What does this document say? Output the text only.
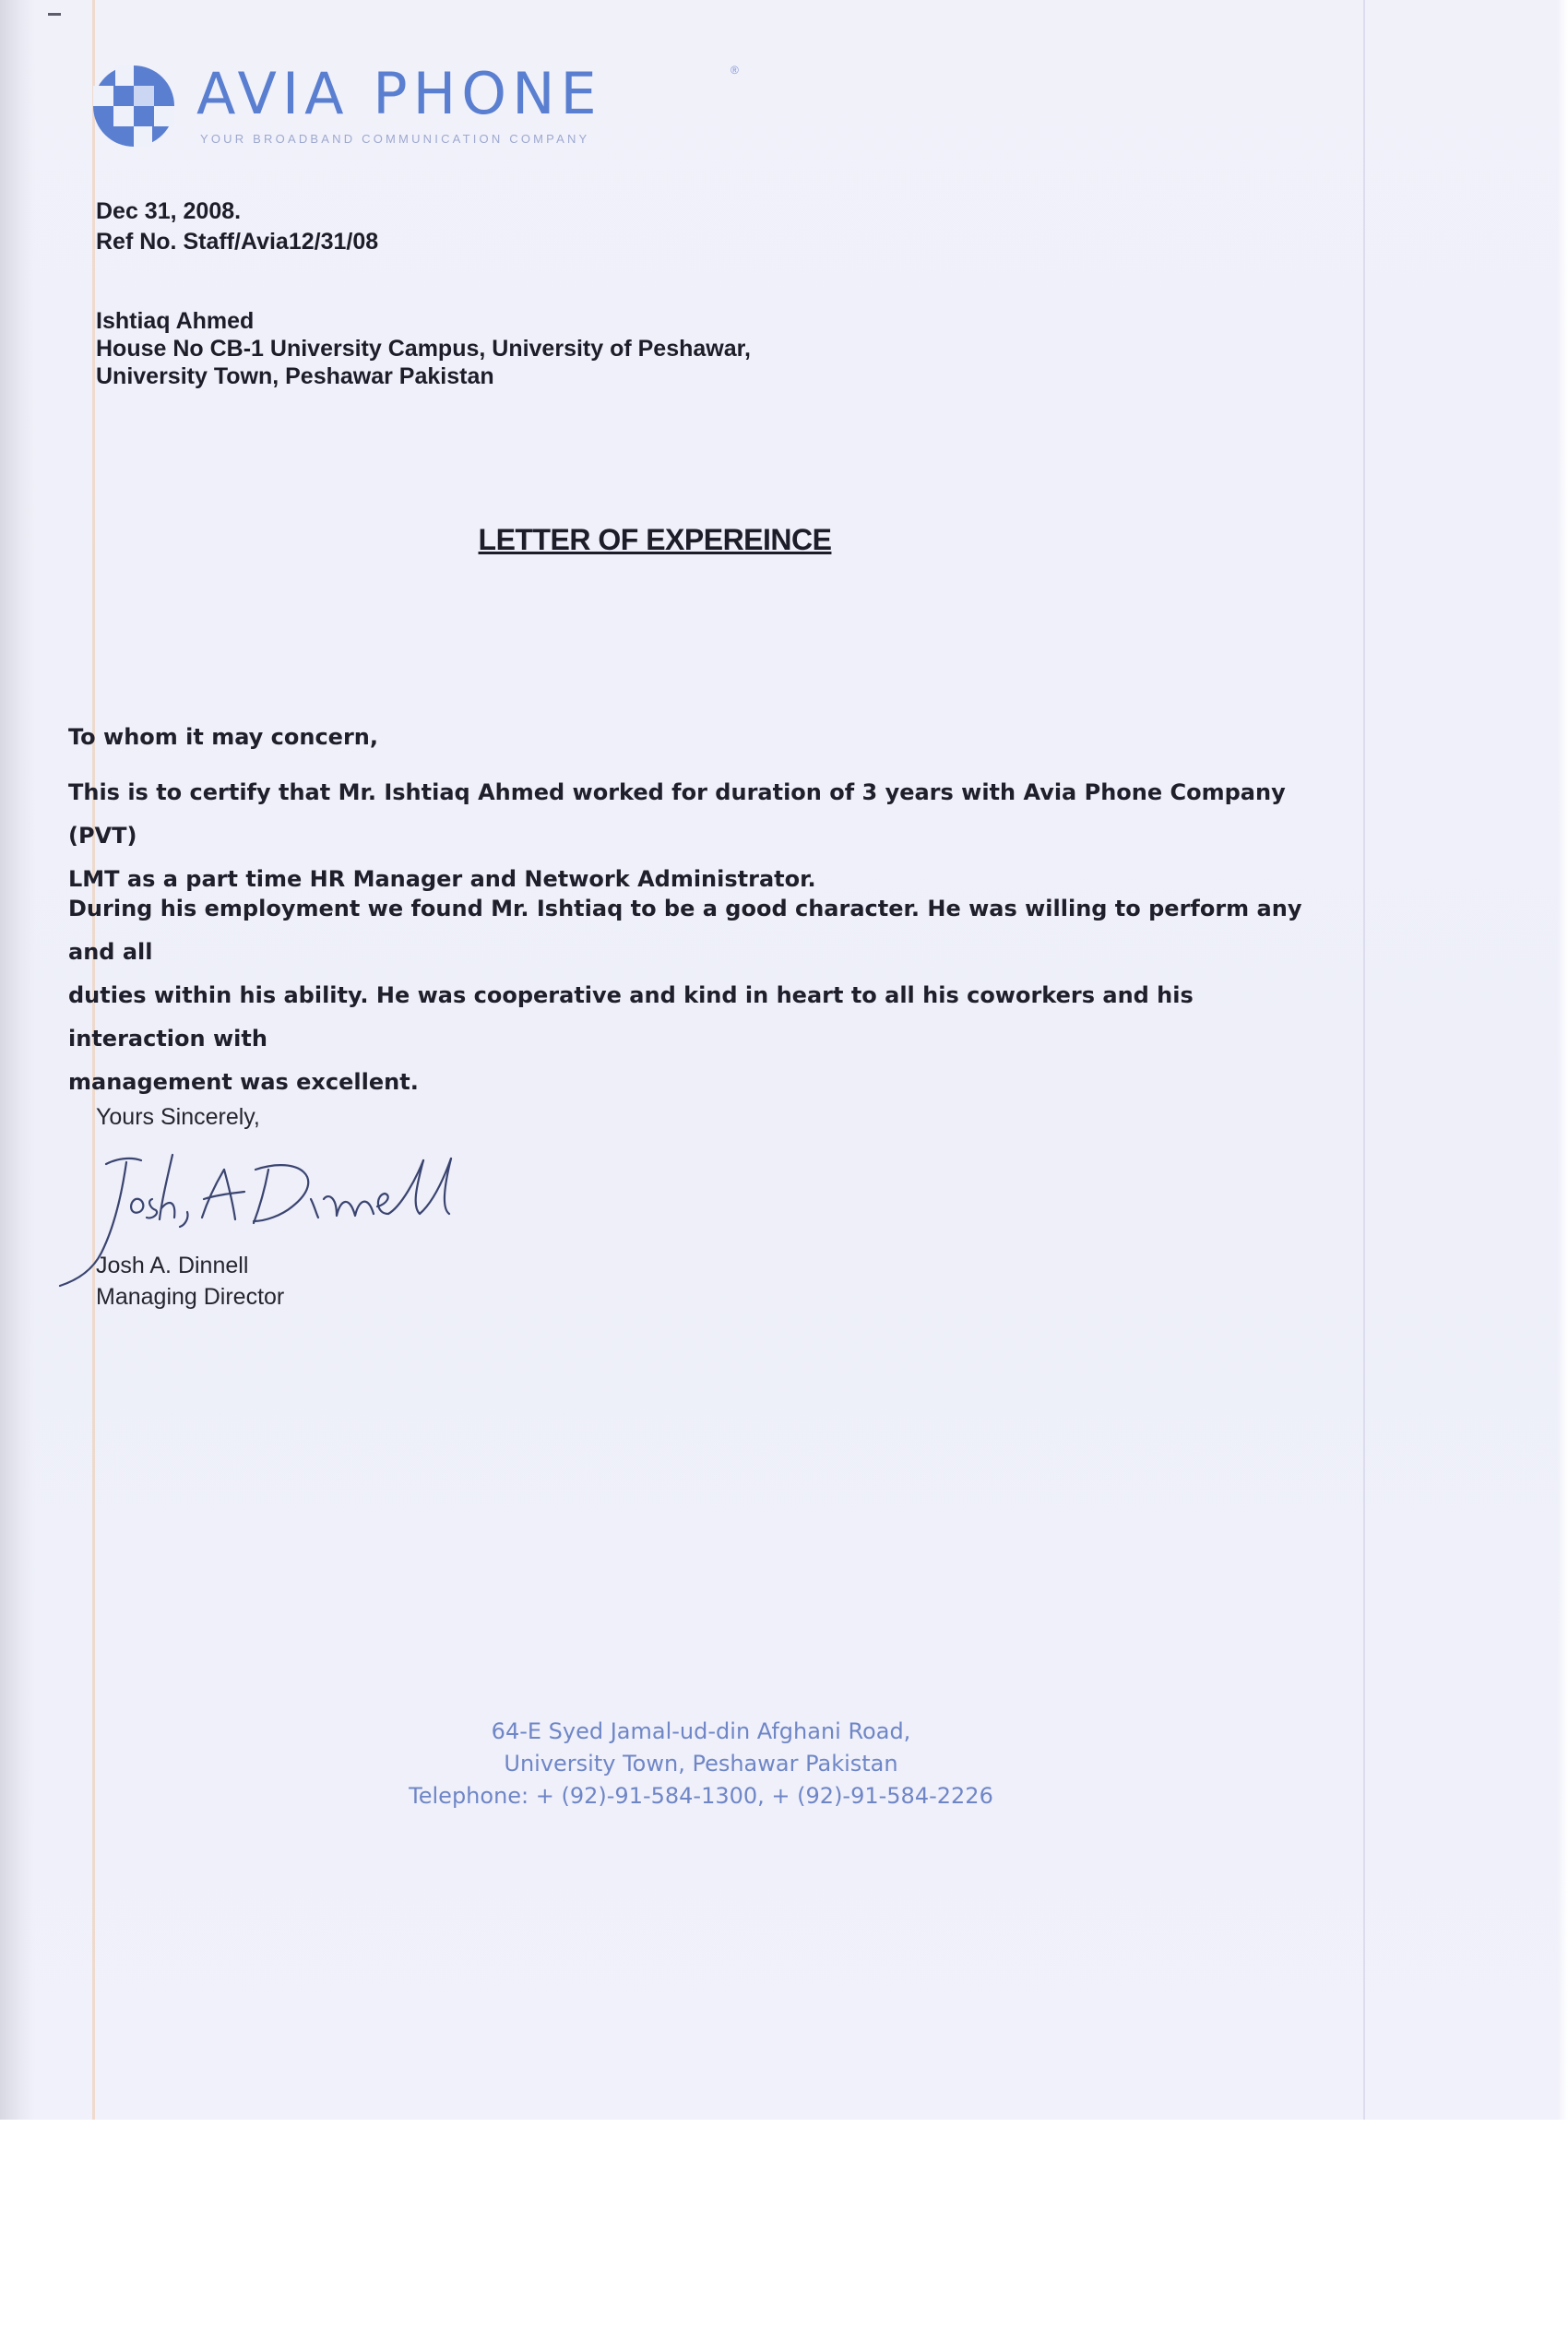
AVIA PHONE	®
YOUR BROADBAND COMMUNICATION COMPANY
Dec 31, 2008.
Ref No. Staff/Avia12/31/08
Ishtiaq Ahmed
House No CB-1 University Campus, University of Peshawar,
University Town, Peshawar Pakistan
LETTER OF EXPEREINCE
To whom it may concern,
This is to certify that Mr. Ishtiaq Ahmed worked for duration of 3 years with Avia Phone Company (PVT)
LMT as a part time HR Manager and Network Administrator.
During his employment we found Mr. Ishtiaq to be a good character. He was willing to perform any and all
duties within his ability. He was cooperative and kind in heart to all his coworkers and his interaction with
management was excellent.
Yours Sincerely,
Josh A. Dinnell
Managing Director
64-E Syed Jamal-ud-din Afghani Road,
University Town, Peshawar Pakistan
Telephone: + (92)-91-584-1300, + (92)-91-584-2226
